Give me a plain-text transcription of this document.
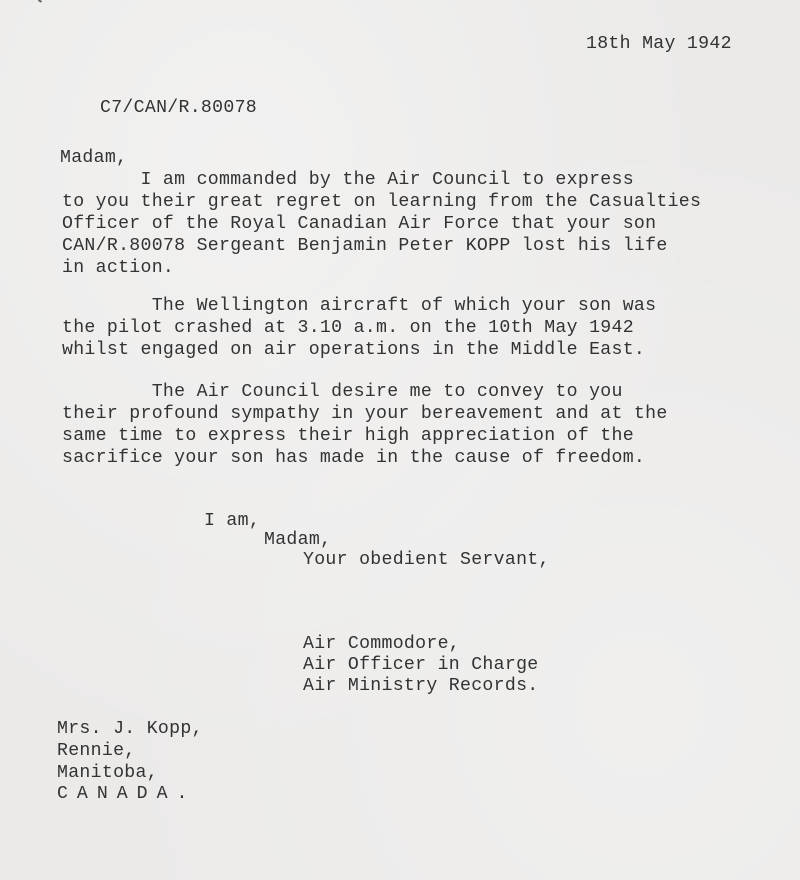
18th May 1942
C7/CAN/R.80078
Madam,
I am commanded by the Air Council to express
to you their great regret on learning from the Casualties
Officer of the Royal Canadian Air Force that your son
CAN/R.80078 Sergeant Benjamin Peter KOPP lost his life
in action.
The Wellington aircraft of which your son was
the pilot crashed at 3.10 a.m. on the 10th May 1942
whilst engaged on air operations in the Middle East.
The Air Council desire me to convey to you
their profound sympathy in your bereavement and at the
same time to express their high appreciation of the
sacrifice your son has made in the cause of freedom.
I am,
Madam,
Your obedient Servant,
Air Commodore,
Air Officer in Charge
Air Ministry Records.
Mrs. J. Kopp,
Rennie,
Manitoba,
CANADA.
